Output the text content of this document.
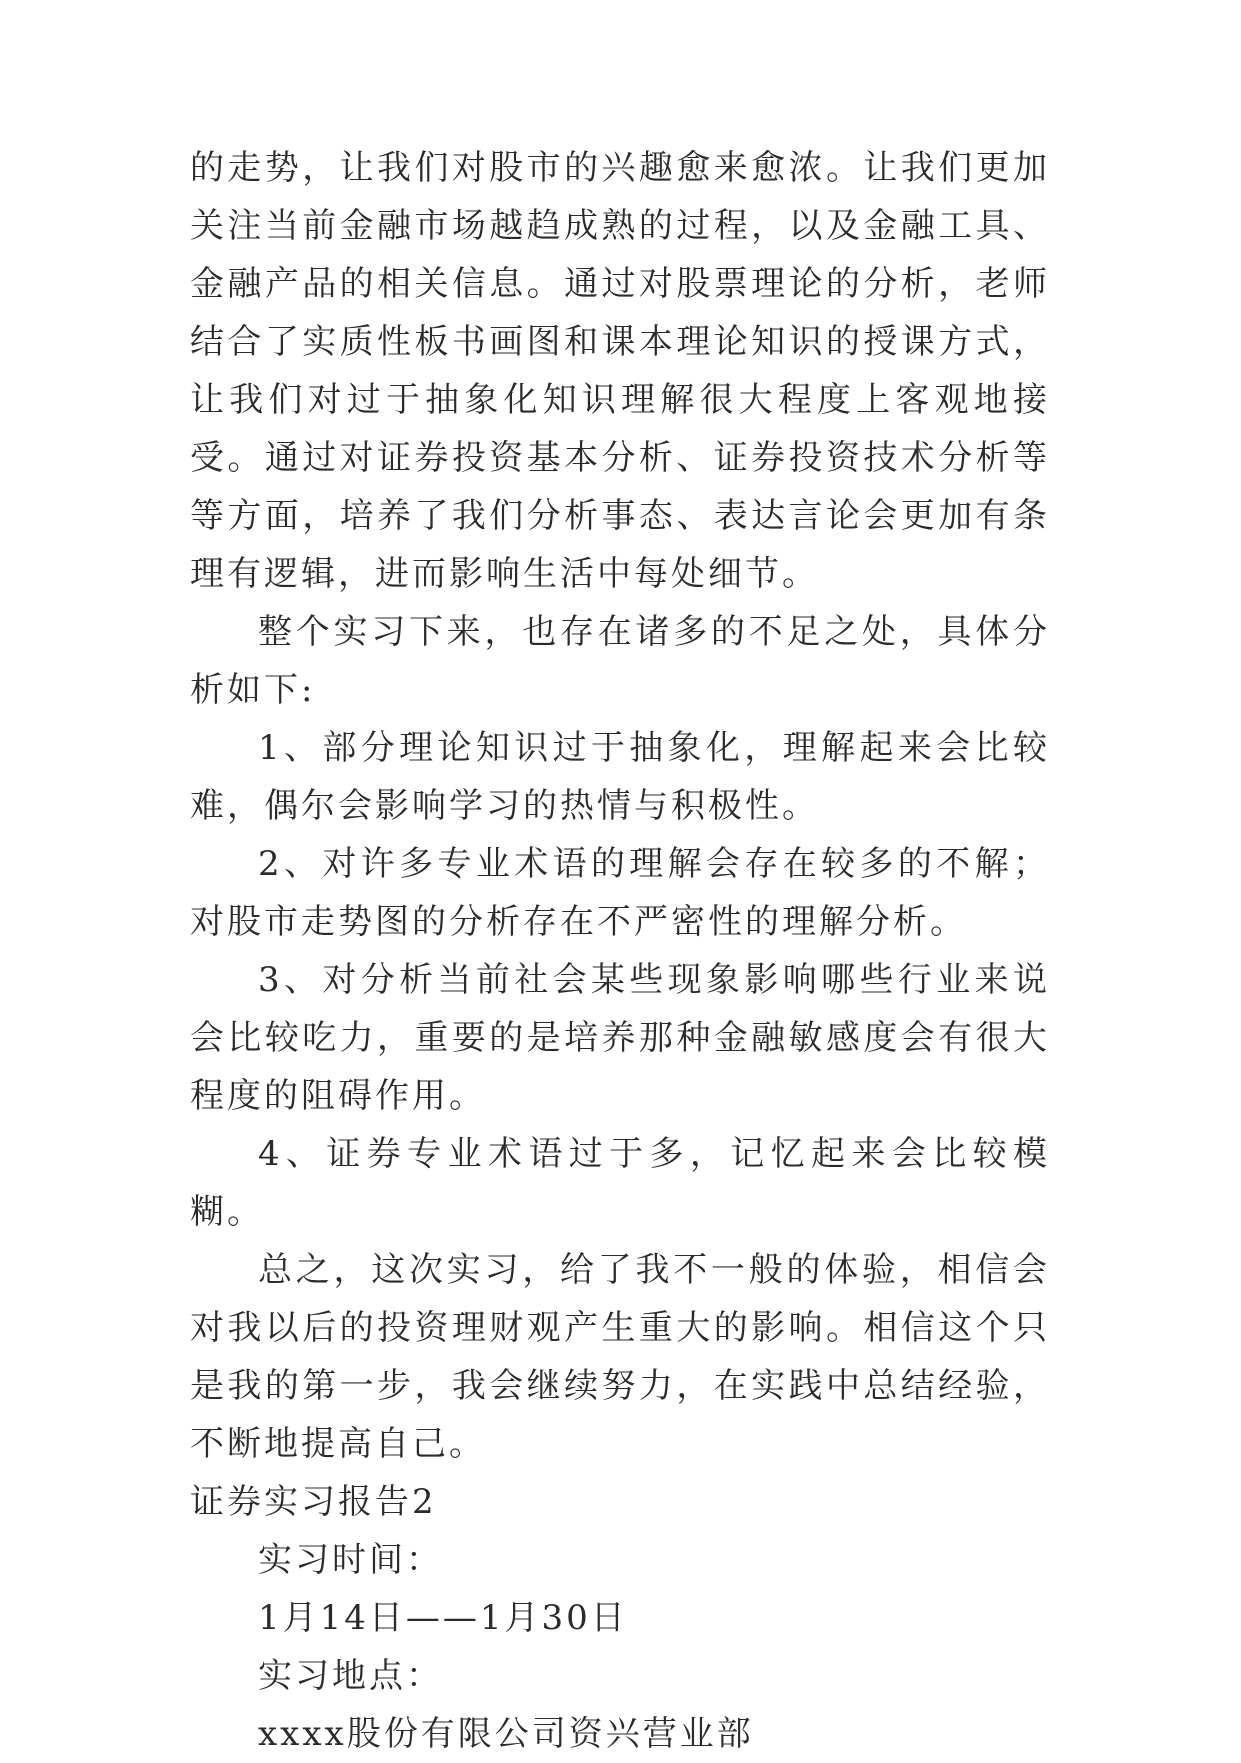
的走势，让我们对股市的兴趣愈来愈浓。让我们更加关注当前金融市场越趋成熟的过程，以及金融工具、金融产品的相关信息。通过对股票理论的分析，老师结合了实质性板书画图和课本理论知识的授课方式，让我们对过于抽象化知识理解很大程度上客观地接受。通过对证券投资基本分析、证券投资技术分析等等方面，培养了我们分析事态、表达言论会更加有条理有逻辑，进而影响生活中每处细节。

整个实习下来，也存在诸多的不足之处，具体分析如下:

1、部分理论知识过于抽象化，理解起来会比较难，偶尔会影响学习的热情与积极性。

2、对许多专业术语的理解会存在较多的不解；对股市走势图的分析存在不严密性的理解分析。

3、对分析当前社会某些现象影响哪些行业来说会比较吃力，重要的是培养那种金融敏感度会有很大程度的阻碍作用。

4、证券专业术语过于多，记忆起来会比较模糊。

总之，这次实习，给了我不一般的体验，相信会对我以后的投资理财观产生重大的影响。相信这个只是我的第一步，我会继续努力，在实践中总结经验，不断地提高自己。

证券实习报告2

实习时间：

1月14日——1月30日

实习地点：

xxxx股份有限公司资兴营业部
